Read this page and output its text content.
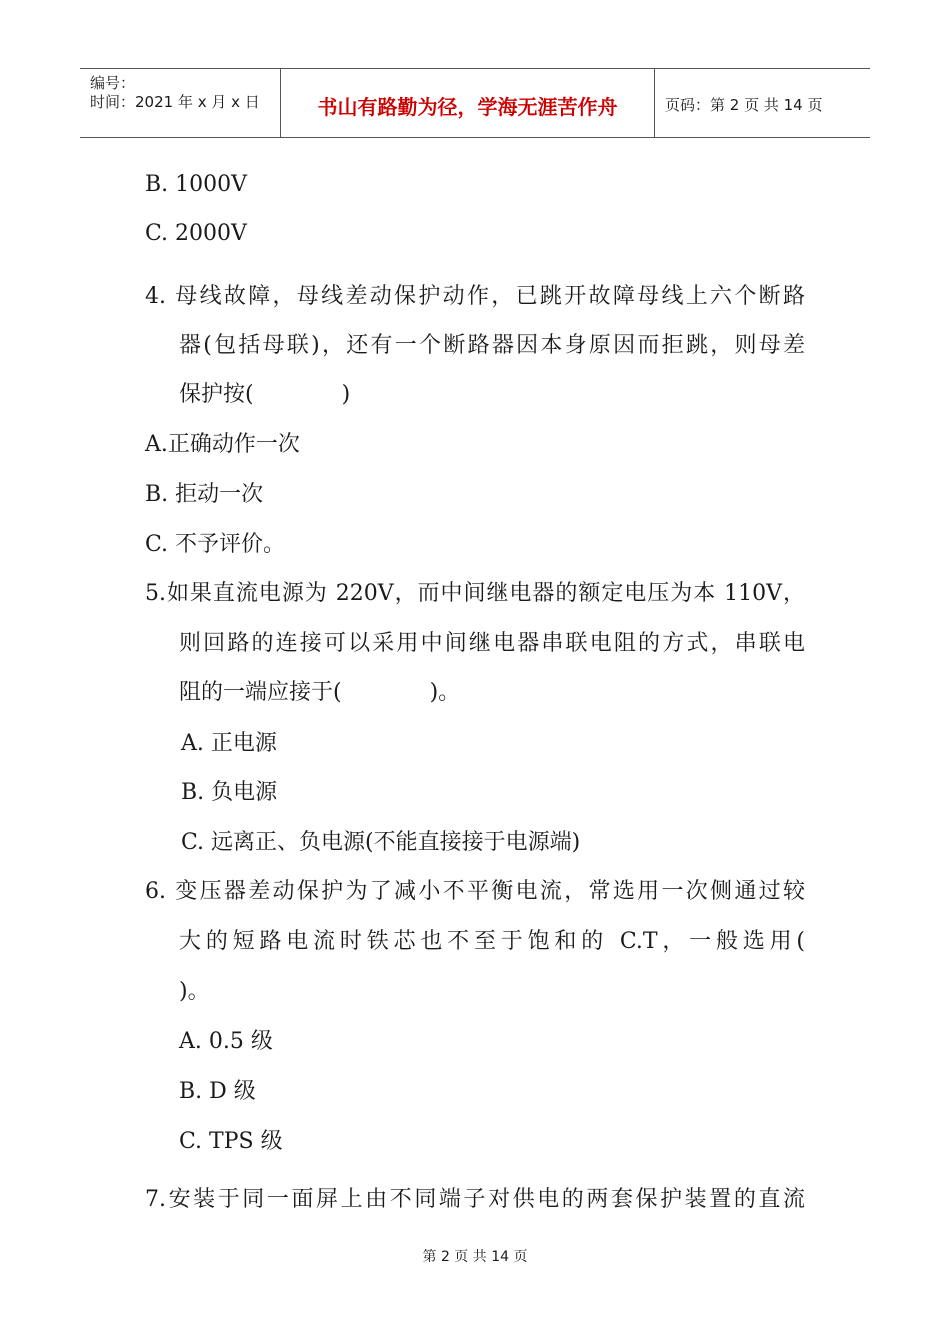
编号：
时间：2021 年 x 月 x 日	书山有路勤为径，学海无涯苦作舟	页码：第 2 页 共 14 页
B. 1000V
C. 2000V
4. 母线故障，母线差动保护动作，已跳开故障母线上六个断路
器(包括母联)，还有一个断路器因本身原因而拒跳，则母差
保护按(　　　　)
A.正确动作一次
B. 拒动一次
C. 不予评价。
5.如果直流电源为 220V，而中间继电器的额定电压为本 110V，
则回路的连接可以采用中间继电器串联电阻的方式，串联电
阻的一端应接于(　　　　)。
A. 正电源
B. 负电源
C. 远离正、负电源(不能直接接于电源端)
6. 变压器差动保护为了减小不平衡电流，常选用一次侧通过较
大的短路电流时铁芯也不至于饱和的 C.T，一般选用(
)。
A. 0.5 级
B. D 级
C. TPS 级
7.安装于同一面屏上由不同端子对供电的两套保护装置的直流
第 2 页 共 14 页
